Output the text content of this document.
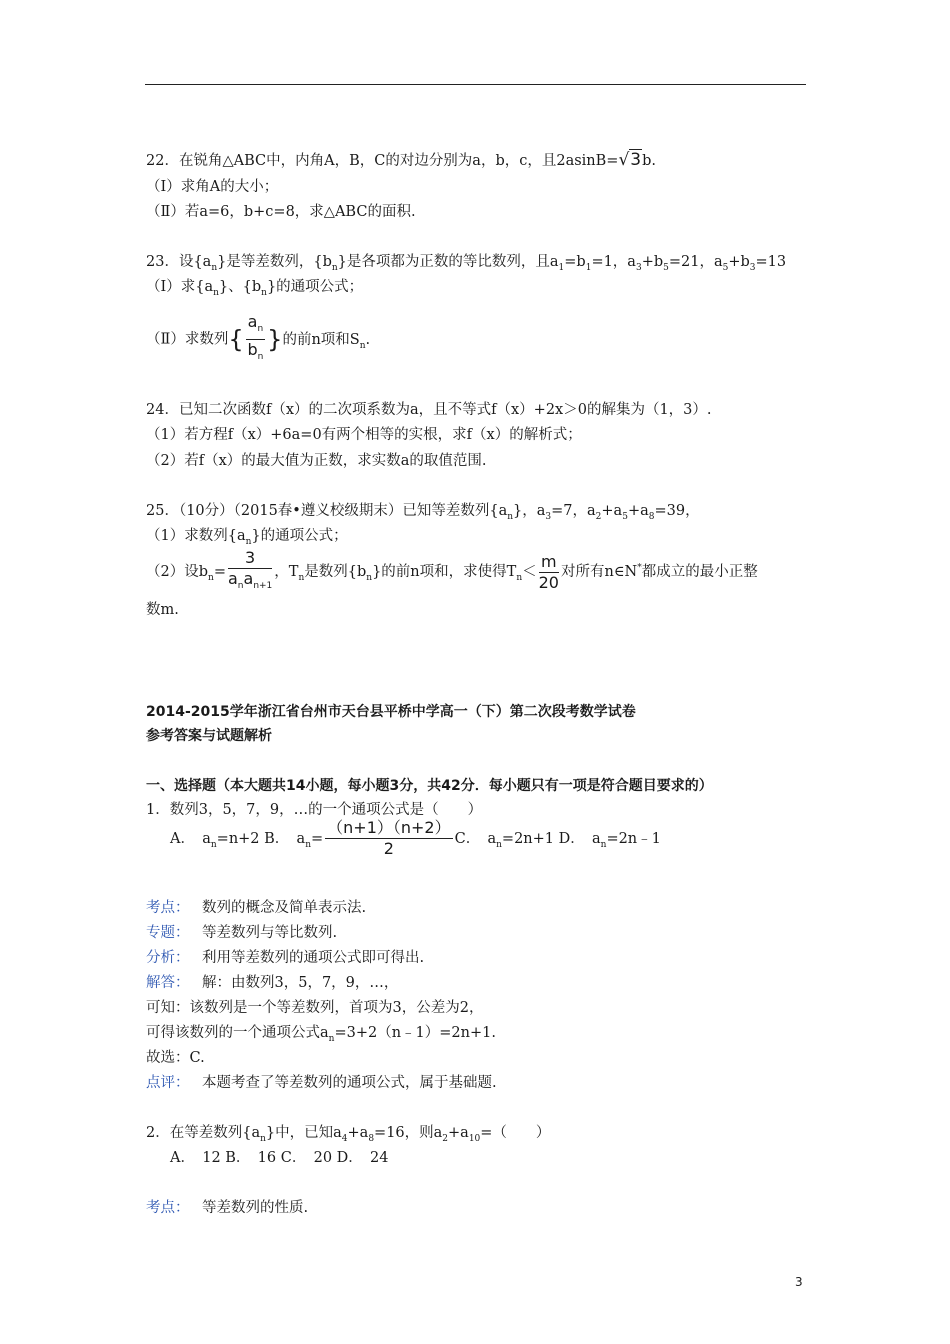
22．在锐角△ABC中，内角A，B，C的对边分别为a，b，c，且2asinB=√3b.
（Ⅰ）求角A的大小；
（Ⅱ）若a=6，b+c=8，求△ABC的面积.
23．设$\{a_n\}$是等差数列，$\{b_n\}$是各项都为正数的等比数列，且$a_1=b_1=1$，$a_3+b_5=21$，$a_5+b_3=13$
（Ⅰ）求$\{a_n\}$、$\{b_n\}$的通项公式；
（Ⅱ）求数列{ $\frac{a_n}{b_n}$ }的前n项和$S_n$.
24．已知二次函数f（x）的二次项系数为a，且不等式f（x）+2x＞0的解集为（1，3）.
（1）若方程f（x）+6a=0有两个相等的实根，求f（x）的解析式；
（2）若f（x）的最大值为正数，求实数a的取值范围.
25．（10分）（2015春•遵义校级期末）已知等差数列$\{a_n\}$，$a_3=7$，$a_2+a_5+a_8=39$，
（1）求数列$\{a_n\}$的通项公式；
（2）设$b_n= \frac{3}{a_na_{n+1}}$ ，$T_n$是数列$\{b_n\}$的前n项和，求使得$T_n< \frac{m}{20}$ 对所有n∈N*都成立的最小正整
数m.
2014-2015学年浙江省台州市天台县平桥中学高一（下）第二次段考数学试卷
参考答案与试题解析
一、选择题（本大题共14小题，每小题3分，共42分．每小题只有一项是符合题目要求的）
1．数列3，5，7，9，…的一个通项公式是（　　）
A．　$a_n=n+2$ B．　$a_n= \frac{(n+1)(n+2)}{2}$ C．　$a_n=2n+1$ D．　$a_n=2n﹣1$
考点： 数列的概念及简单表示法.
专题： 等差数列与等比数列.
分析： 利用等差数列的通项公式即可得出.
解答： 解：由数列3，5，7，9，…，
可知：该数列是一个等差数列，首项为3，公差为2，
可得该数列的一个通项公式$a_n=3+2(n﹣1)=2n+1$.
故选：C.
点评： 本题考查了等差数列的通项公式，属于基础题.
2．在等差数列$\{a_n\}$中，已知$a_4+a_8=16$，则$a_2+a_{10}=$（　　）
A．　12 B．　16 C．　20 D．　24
考点： 等差数列的性质.
3
